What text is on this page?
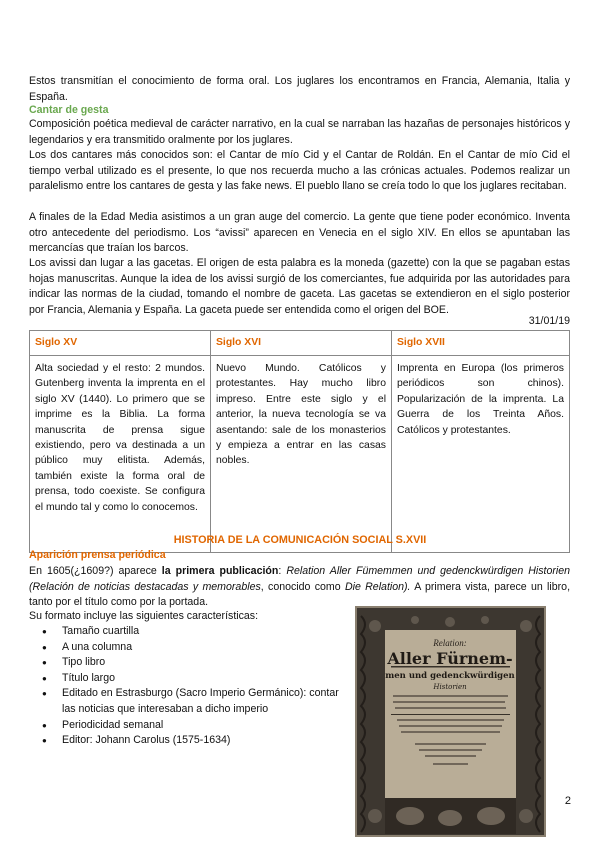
Estos transmitían el conocimiento de forma oral. Los juglares los encontramos en Francia, Alemania, Italia y España.

Cantar de gesta

Composición poética medieval de carácter narrativo, en la cual se narraban las hazañas de personajes históricos y legendarios y era transmitido oralmente por los juglares.

Los dos cantares más conocidos son: el Cantar de mío Cid y el Cantar de Roldán. En el Cantar de mío Cid el tiempo verbal utilizado es el presente, lo que nos recuerda mucho a las crónicas actuales. Podemos realizar un paralelismo entre los cantares de gesta y las fake news. El pueblo llano se creía todo lo que los juglares recitaban.

A finales de la Edad Media asistimos a un gran auge del comercio. La gente que tiene poder económico. Inventa otro antecedente del periodismo. Los “avissi” aparecen en Venecia en el siglo XIV. En ellos se apuntaban las mercancías que traían los barcos.

Los avissi dan lugar a las gacetas. El origen de esta palabra es la moneda (gazette) con la que se pagaban estas hojas manuscritas. Aunque la idea de los avissi surgió de los comerciantes, fue adquirida por las autoridades para indicar las normas de la ciudad, tomando el nombre de gaceta. Las gacetas se extendieron en el siglo posterior por Francia, Alemania y España. La gaceta puede ser entendida como el origen del BOE.

31/01/19
Siglo XV	Siglo XVI	Siglo XVII
Alta sociedad y el resto: 2 mundos. Gutenberg inventa la imprenta en el siglo XV (1440). Lo primero que se imprime es la Biblia. La forma manuscrita de prensa sigue existiendo, pero va destinada a un público muy elitista. Además, también existe la forma oral de prensa, todo coexiste. Se configura el mundo tal y como lo conocemos.	Nuevo Mundo. Católicos y protestantes. Hay mucho libro impreso. Entre este siglo y el anterior, la nueva tecnología se va asentando: sale de los monasterios y empieza a entrar en las casas nobles.	Imprenta en Europa (los primeros periódicos son chinos). Popularización de la imprenta. La Guerra de los Treinta Años. Católicos y protestantes.
HISTORIA DE LA COMUNICACIÓN SOCIAL S.XVII
Aparición prensa periódica

En 1605(¿1609?) aparece la primera publicación: Relation Aller Fümemmen und gedenckwürdigen Historien (Relación de noticias destacadas y memorables, conocido como Die Relation). A primera vista, parece un libro, tanto por el título como por la portada.

Su formato incluye las siguientes características:

● Tamaño cuartilla
● A una columna
● Tipo libro
● Título largo
● Editado en Estrasburgo (Sacro Imperio Germánico): contar las noticias que interesaban a dicho imperio
● Periodicidad semanal
● Editor: Johann Carolus (1575-1634)
Relation:
Aller Fürnem-
men und gedenckwürdigen
Historien
2
